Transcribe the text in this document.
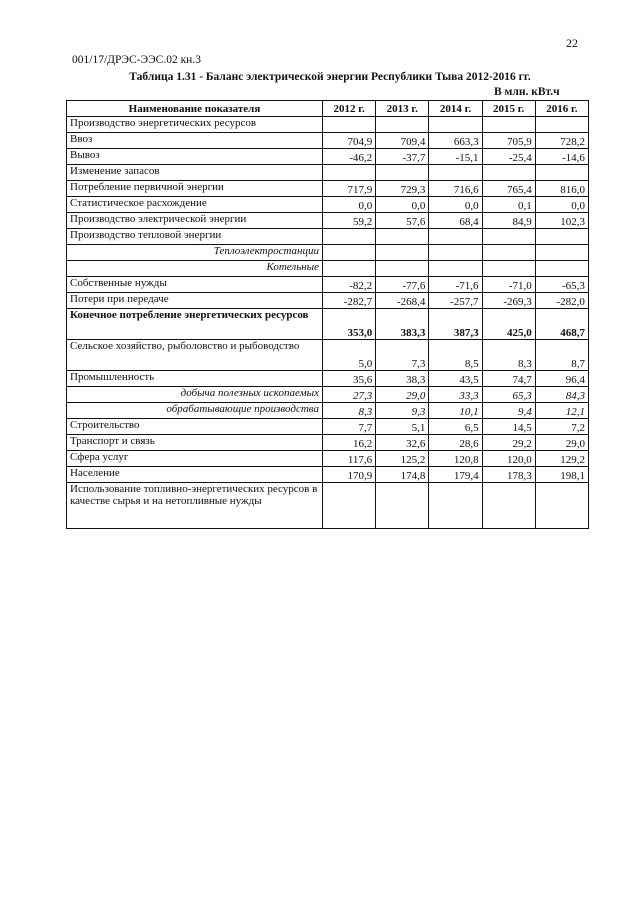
22
001/17/ДРЭС-ЭЭС.02 кн.3
Таблица 1.31 - Баланс электрической энергии Республики Тыва 2012-2016 гг.
В млн. кВт.ч
Наименование показателя	2012 г.	2013 г.	2014 г.	2015 г.	2016 г.
Производство энергетических ресурсов					
Ввоз	704,9	709,4	663,3	705,9	728,2
Вывоз	-46,2	-37,7	-15,1	-25,4	-14,6
Изменение запасов					
Потребление первичной энергии	717,9	729,3	716,6	765,4	816,0
Статистическое расхождение	0,0	0,0	0,0	0,1	0,0
Производство электрической энергии	59,2	57,6	68,4	84,9	102,3
Производство тепловой энергии					
Теплоэлектростанции					
Котельные					
Собственные нужды	-82,2	-77,6	-71,6	-71,0	-65,3
Потери при передаче	-282,7	-268,4	-257,7	-269,3	-282,0
Конечное потребление энергетических ресурсов	353,0	383,3	387,3	425,0	468,7
Сельское хозяйство, рыболовство и рыбоводство	5,0	7,3	8,5	8,3	8,7
Промышленность	35,6	38,3	43,5	74,7	96,4
добыча полезных ископаемых	27,3	29,0	33,3	65,3	84,3
обрабатывающие производства	8,3	9,3	10,1	9,4	12,1
Строительство	7,7	5,1	6,5	14,5	7,2
Транспорт и связь	16,2	32,6	28,6	29,2	29,0
Сфера услуг	117,6	125,2	120,8	120,0	129,2
Население	170,9	174,8	179,4	178,3	198,1
Использование топливно-энергетических ресурсов в качестве сырья и на нетопливные нужды					
